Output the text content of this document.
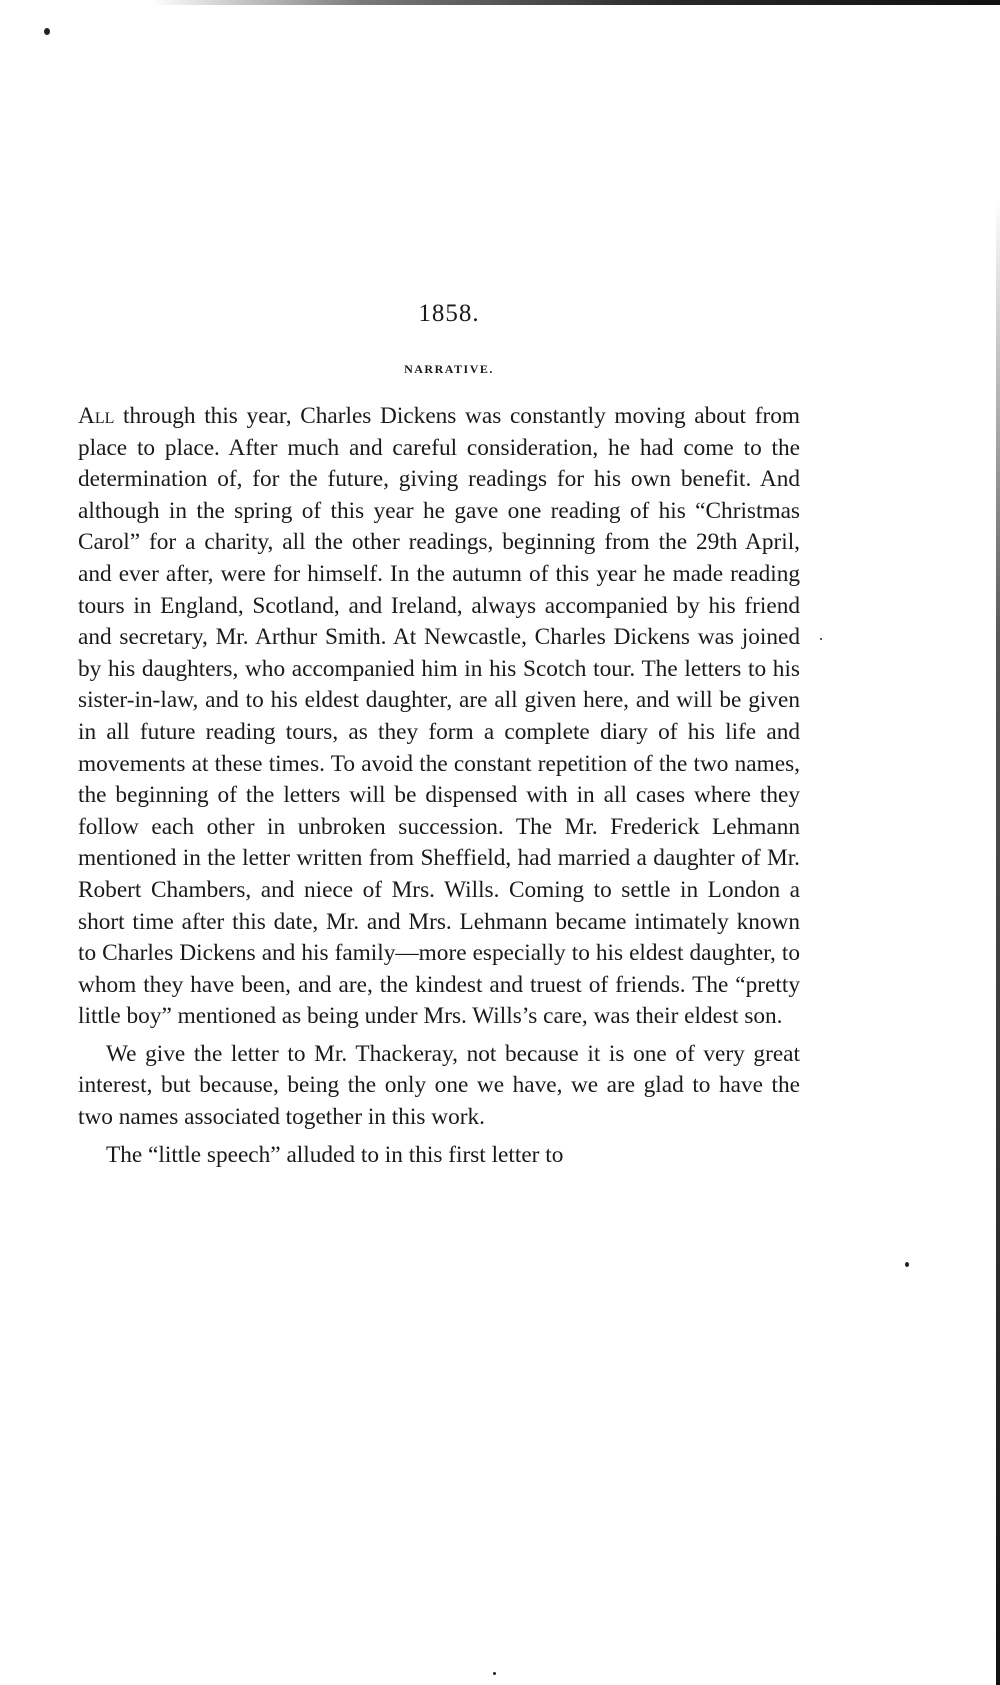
1858.
NARRATIVE.

All through this year, Charles Dickens was constantly moving about from place to place. After much and careful consideration, he had come to the determination of, for the future, giving readings for his own benefit. And although in the spring of this year he gave one reading of his “Christmas Carol” for a charity, all the other readings, beginning from the 29th April, and ever after, were for himself. In the autumn of this year he made reading tours in England, Scotland, and Ireland, always accompanied by his friend and secretary, Mr. Arthur Smith. At Newcastle, Charles Dickens was joined by his daughters, who accompanied him in his Scotch tour. The letters to his sister-in-law, and to his eldest daughter, are all given here, and will be given in all future reading tours, as they form a complete diary of his life and movements at these times. To avoid the constant repetition of the two names, the beginning of the letters will be dispensed with in all cases where they follow each other in unbroken succession. The Mr. Frederick Lehmann mentioned in the letter written from Sheffield, had married a daughter of Mr. Robert Chambers, and niece of Mrs. Wills. Coming to settle in London a short time after this date, Mr. and Mrs. Lehmann became intimately known to Charles Dickens and his family—more especially to his eldest daughter, to whom they have been, and are, the kindest and truest of friends. The “pretty little boy” mentioned as being under Mrs. Wills’s care, was their eldest son.

We give the letter to Mr. Thackeray, not because it is one of very great interest, but because, being the only one we have, we are glad to have the two names associated together in this work.

The “little speech” alluded to in this first letter to
